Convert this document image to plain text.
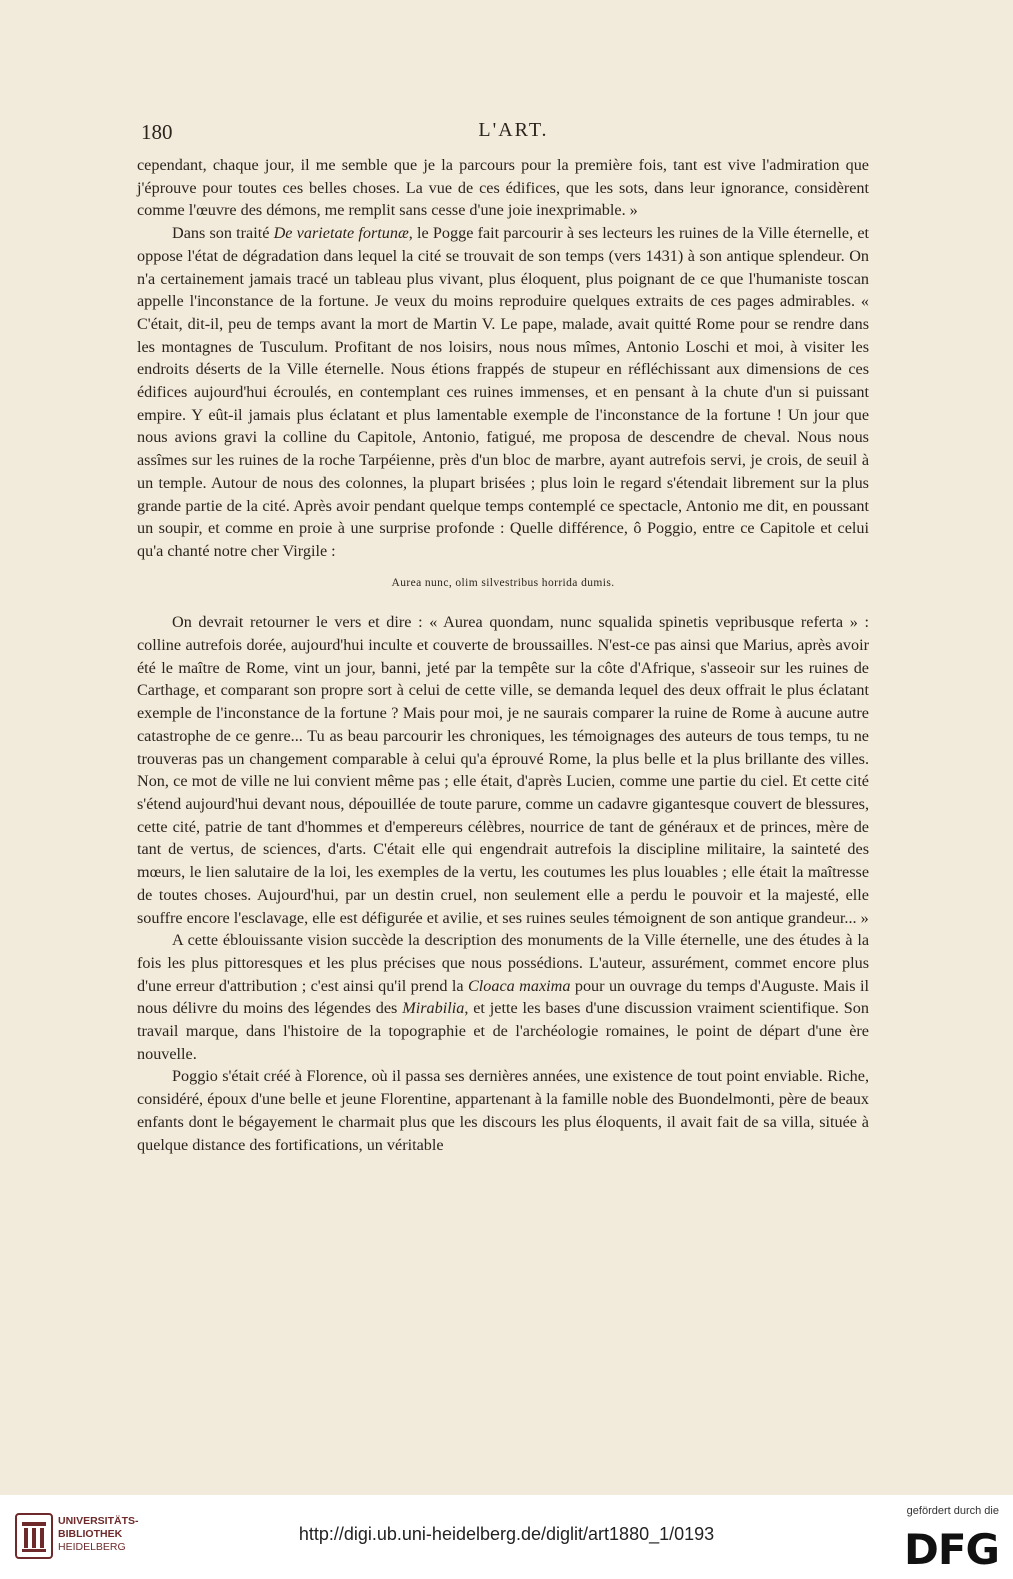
180	L'ART.

cependant, chaque jour, il me semble que je la parcours pour la première fois, tant est vive l'admiration que j'éprouve pour toutes ces belles choses. La vue de ces édifices, que les sots, dans leur ignorance, considèrent comme l'œuvre des démons, me remplit sans cesse d'une joie inexprimable. »

Dans son traité De varietate fortunæ, le Pogge fait parcourir à ses lecteurs les ruines de la Ville éternelle, et oppose l'état de dégradation dans lequel la cité se trouvait de son temps (vers 1431) à son antique splendeur. On n'a certainement jamais tracé un tableau plus vivant, plus éloquent, plus poignant de ce que l'humaniste toscan appelle l'inconstance de la fortune. Je veux du moins reproduire quelques extraits de ces pages admirables. « C'était, dit-il, peu de temps avant la mort de Martin V. Le pape, malade, avait quitté Rome pour se rendre dans les montagnes de Tusculum. Profitant de nos loisirs, nous nous mîmes, Antonio Loschi et moi, à visiter les endroits déserts de la Ville éternelle. Nous étions frappés de stupeur en réfléchissant aux dimensions de ces édifices aujourd'hui écroulés, en contemplant ces ruines immenses, et en pensant à la chute d'un si puissant empire. Y eût-il jamais plus éclatant et plus lamentable exemple de l'inconstance de la fortune ! Un jour que nous avions gravi la colline du Capitole, Antonio, fatigué, me proposa de descendre de cheval. Nous nous assîmes sur les ruines de la roche Tarpéienne, près d'un bloc de marbre, ayant autrefois servi, je crois, de seuil à un temple. Autour de nous des colonnes, la plupart brisées ; plus loin le regard s'étendait librement sur la plus grande partie de la cité. Après avoir pendant quelque temps contemplé ce spectacle, Antonio me dit, en poussant un soupir, et comme en proie à une surprise profonde : Quelle différence, ô Poggio, entre ce Capitole et celui qu'a chanté notre cher Virgile :

Aurea nunc, olim silvestribus horrida dumis.

On devrait retourner le vers et dire : « Aurea quondam, nunc squalida spinetis vepribusque referta » : colline autrefois dorée, aujourd'hui inculte et couverte de broussailles. N'est-ce pas ainsi que Marius, après avoir été le maître de Rome, vint un jour, banni, jeté par la tempête sur la côte d'Afrique, s'asseoir sur les ruines de Carthage, et comparant son propre sort à celui de cette ville, se demanda lequel des deux offrait le plus éclatant exemple de l'inconstance de la fortune ? Mais pour moi, je ne saurais comparer la ruine de Rome à aucune autre catastrophe de ce genre... Tu as beau parcourir les chroniques, les témoignages des auteurs de tous temps, tu ne trouveras pas un changement comparable à celui qu'a éprouvé Rome, la plus belle et la plus brillante des villes. Non, ce mot de ville ne lui convient même pas ; elle était, d'après Lucien, comme une partie du ciel. Et cette cité s'étend aujourd'hui devant nous, dépouillée de toute parure, comme un cadavre gigantesque couvert de blessures, cette cité, patrie de tant d'hommes et d'empereurs célèbres, nourrice de tant de généraux et de princes, mère de tant de vertus, de sciences, d'arts. C'était elle qui engendrait autrefois la discipline militaire, la sainteté des mœurs, le lien salutaire de la loi, les exemples de la vertu, les coutumes les plus louables ; elle était la maîtresse de toutes choses. Aujourd'hui, par un destin cruel, non seulement elle a perdu le pouvoir et la majesté, elle souffre encore l'esclavage, elle est défigurée et avilie, et ses ruines seules témoignent de son antique grandeur... »

A cette éblouissante vision succède la description des monuments de la Ville éternelle, une des études à la fois les plus pittoresques et les plus précises que nous possédions. L'auteur, assurément, commet encore plus d'une erreur d'attribution ; c'est ainsi qu'il prend la Cloaca maxima pour un ouvrage du temps d'Auguste. Mais il nous délivre du moins des légendes des Mirabilia, et jette les bases d'une discussion vraiment scientifique. Son travail marque, dans l'histoire de la topographie et de l'archéologie romaines, le point de départ d'une ère nouvelle.

Poggio s'était créé à Florence, où il passa ses dernières années, une existence de tout point enviable. Riche, considéré, époux d'une belle et jeune Florentine, appartenant à la famille noble des Buondelmonti, père de beaux enfants dont le bégayement le charmait plus que les discours les plus éloquents, il avait fait de sa villa, située à quelque distance des fortifications, un véritable

UNIVERSITÄTS-
BIBLIOTHEK
HEIDELBERG
http://digi.ub.uni-heidelberg.de/diglit/art1880_1/0193
gefördert durch die
DFG
